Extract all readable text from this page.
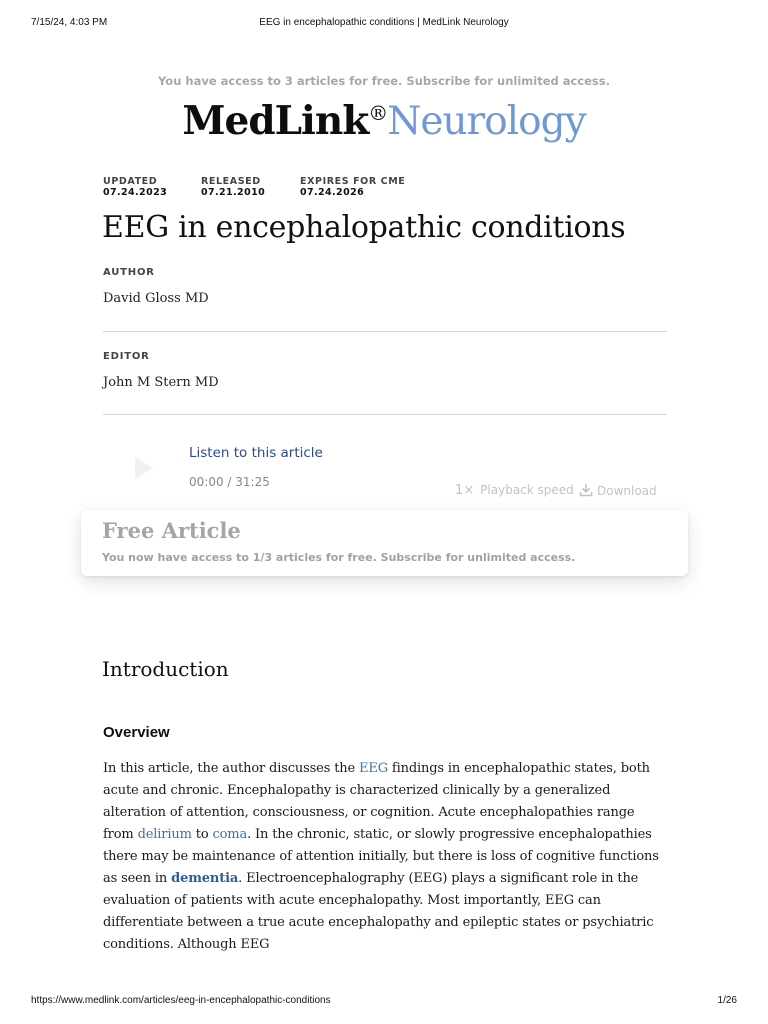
7/15/24, 4:03 PM	EEG in encephalopathic conditions | MedLink Neurology
You have access to 3 articles for free. Subscribe for unlimited access.
MedLink®Neurology
UPDATED
07.24.2023
RELEASED
07.21.2010
EXPIRES FOR CME
07.24.2026
EEG in encephalopathic conditions
AUTHOR
David Gloss MD
EDITOR
John M Stern MD
Listen to this article
00:00 / 31:25
1× Playback speed	Download
Free Article
You now have access to 1/3 articles for free. Subscribe for unlimited access.
Introduction
Overview

In this article, the author discusses the EEG findings in encephalopathic states, both acute and chronic. Encephalopathy is characterized clinically by a generalized alteration of attention, consciousness, or cognition. Acute encephalopathies range from delirium to coma. In the chronic, static, or slowly progressive encephalopathies there may be maintenance of attention initially, but there is loss of cognitive functions as seen in dementia. Electroencephalography (EEG) plays a significant role in the evaluation of patients with acute encephalopathy. Most importantly, EEG can differentiate between a true acute encephalopathy and epileptic states or psychiatric conditions. Although EEG

https://www.medlink.com/articles/eeg-in-encephalopathic-conditions	1/26
